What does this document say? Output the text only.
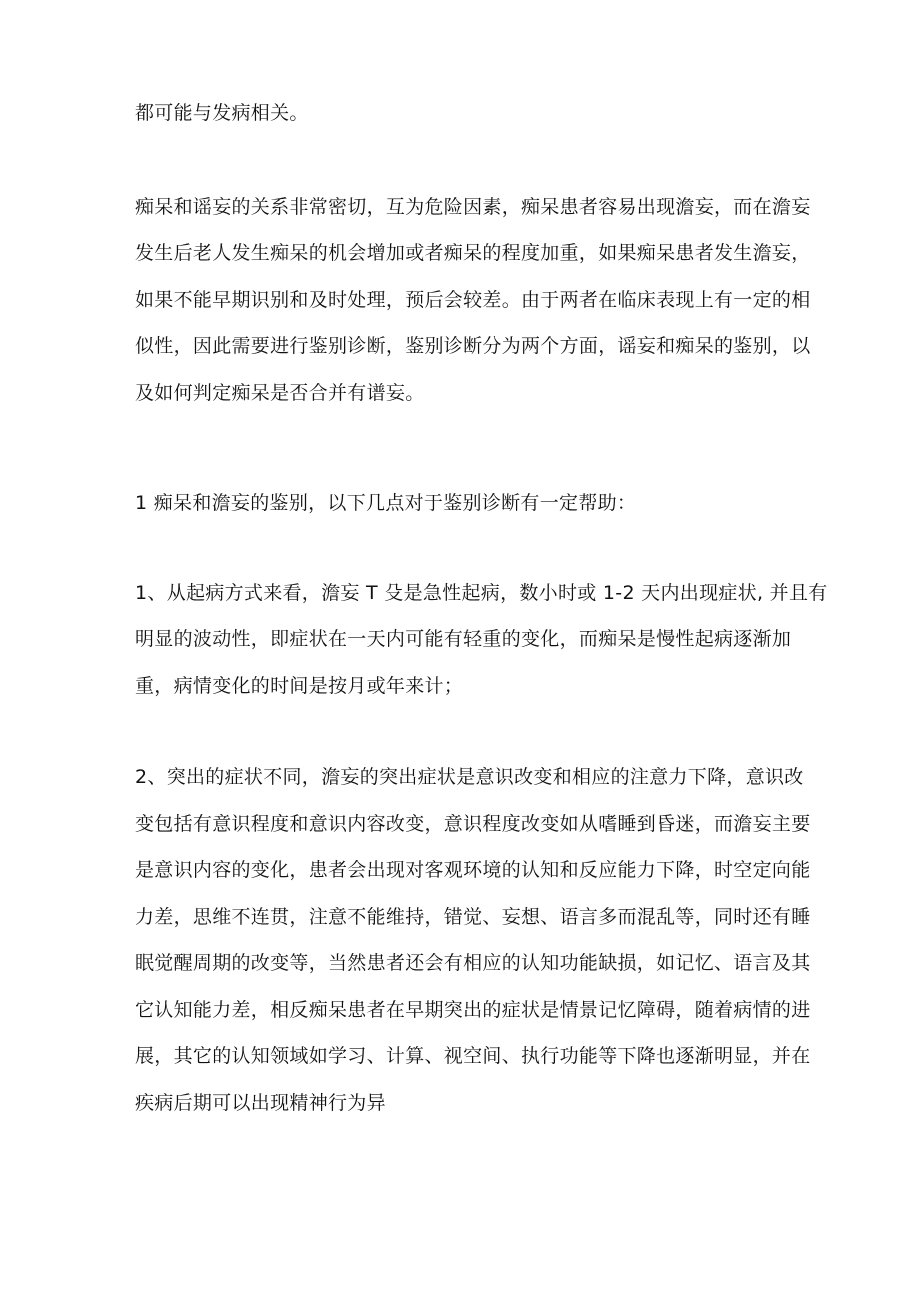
都可能与发病相关。
痴呆和谣妄的关系非常密切，互为危险因素，痴呆患者容易出现澹妄，而在澹妄
发生后老人发生痴呆的机会增加或者痴呆的程度加重，如果痴呆患者发生澹妄，
如果不能早期识别和及时处理，预后会较差。由于两者在临床表现上有一定的相
似性，因此需要进行鉴别诊断，鉴别诊断分为两个方面，谣妄和痴呆的鉴别，以
及如何判定痴呆是否合并有谱妄。
1 痴呆和澹妄的鉴别，以下几点对于鉴别诊断有一定帮助：
1、从起病方式来看，澹妄 T 殳是急性起病，数小时或 1-2 天内出现症状, 并且有
明显的波动性，即症状在一天内可能有轻重的变化，而痴呆是慢性起病逐渐加
重，病情变化的时间是按月或年来计；
2、突出的症状不同，澹妄的突出症状是意识改变和相应的注意力下降，意识改
变包括有意识程度和意识内容改变，意识程度改变如从嗜睡到昏迷，而澹妄主要
是意识内容的变化，患者会出现对客观环境的认知和反应能力下降，时空定向能
力差，思维不连贯，注意不能维持，错觉、妄想、语言多而混乱等，同时还有睡
眠觉醒周期的改变等，当然患者还会有相应的认知功能缺损，如记忆、语言及其
它认知能力差，相反痴呆患者在早期突出的症状是情景记忆障碍，随着病情的进
展，其它的认知领域如学习、计算、视空间、执行功能等下降也逐渐明显，并在
疾病后期可以出现精神行为异
